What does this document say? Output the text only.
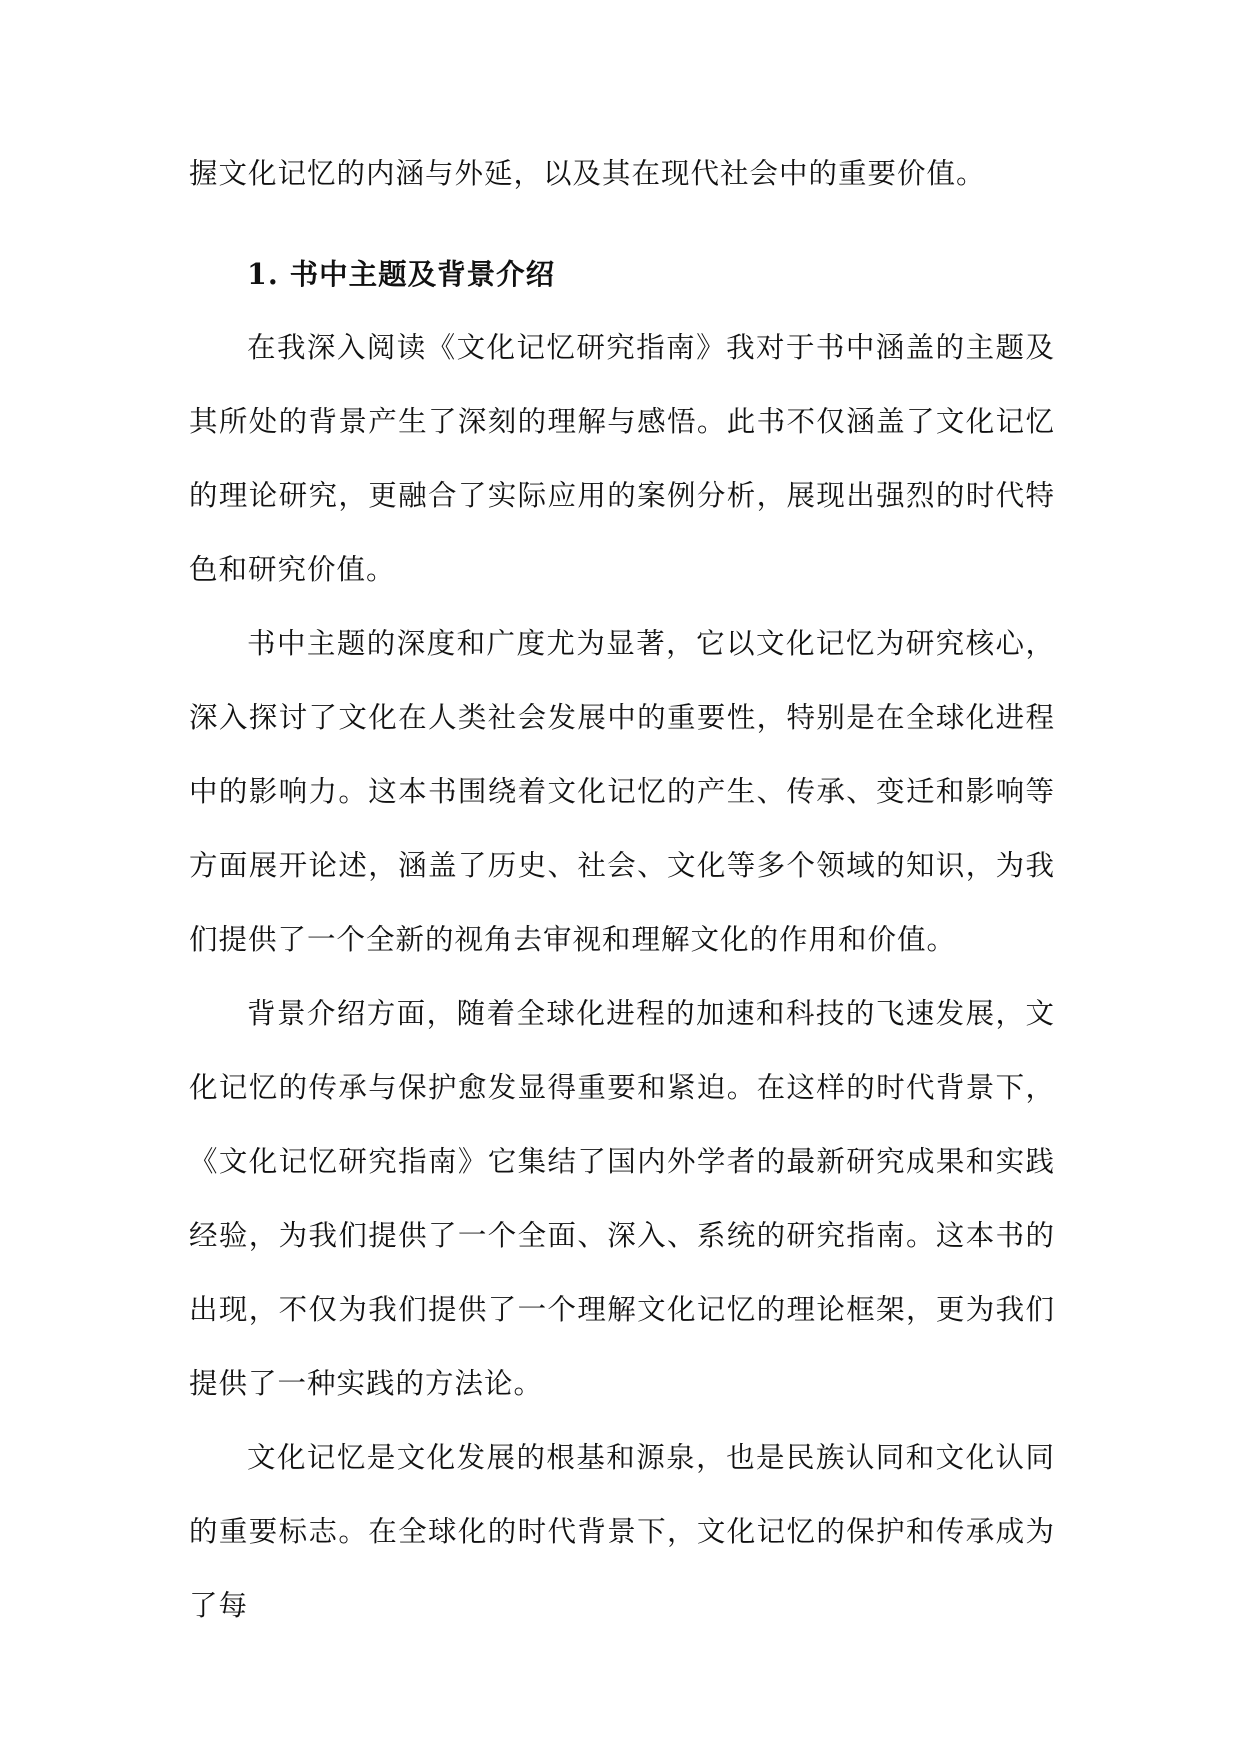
握文化记忆的内涵与外延，以及其在现代社会中的重要价值。

1. 书中主题及背景介绍

在我深入阅读《文化记忆研究指南》我对于书中涵盖的主题及其所处的背景产生了深刻的理解与感悟。此书不仅涵盖了文化记忆的理论研究，更融合了实际应用的案例分析，展现出强烈的时代特色和研究价值。

书中主题的深度和广度尤为显著，它以文化记忆为研究核心，深入探讨了文化在人类社会发展中的重要性，特别是在全球化进程中的影响力。这本书围绕着文化记忆的产生、传承、变迁和影响等方面展开论述，涵盖了历史、社会、文化等多个领域的知识，为我们提供了一个全新的视角去审视和理解文化的作用和价值。

背景介绍方面，随着全球化进程的加速和科技的飞速发展，文化记忆的传承与保护愈发显得重要和紧迫。在这样的时代背景下，《文化记忆研究指南》它集结了国内外学者的最新研究成果和实践经验，为我们提供了一个全面、深入、系统的研究指南。这本书的出现，不仅为我们提供了一个理解文化记忆的理论框架，更为我们提供了一种实践的方法论。

文化记忆是文化发展的根基和源泉，也是民族认同和文化认同的重要标志。在全球化的时代背景下，文化记忆的保护和传承成为了每
